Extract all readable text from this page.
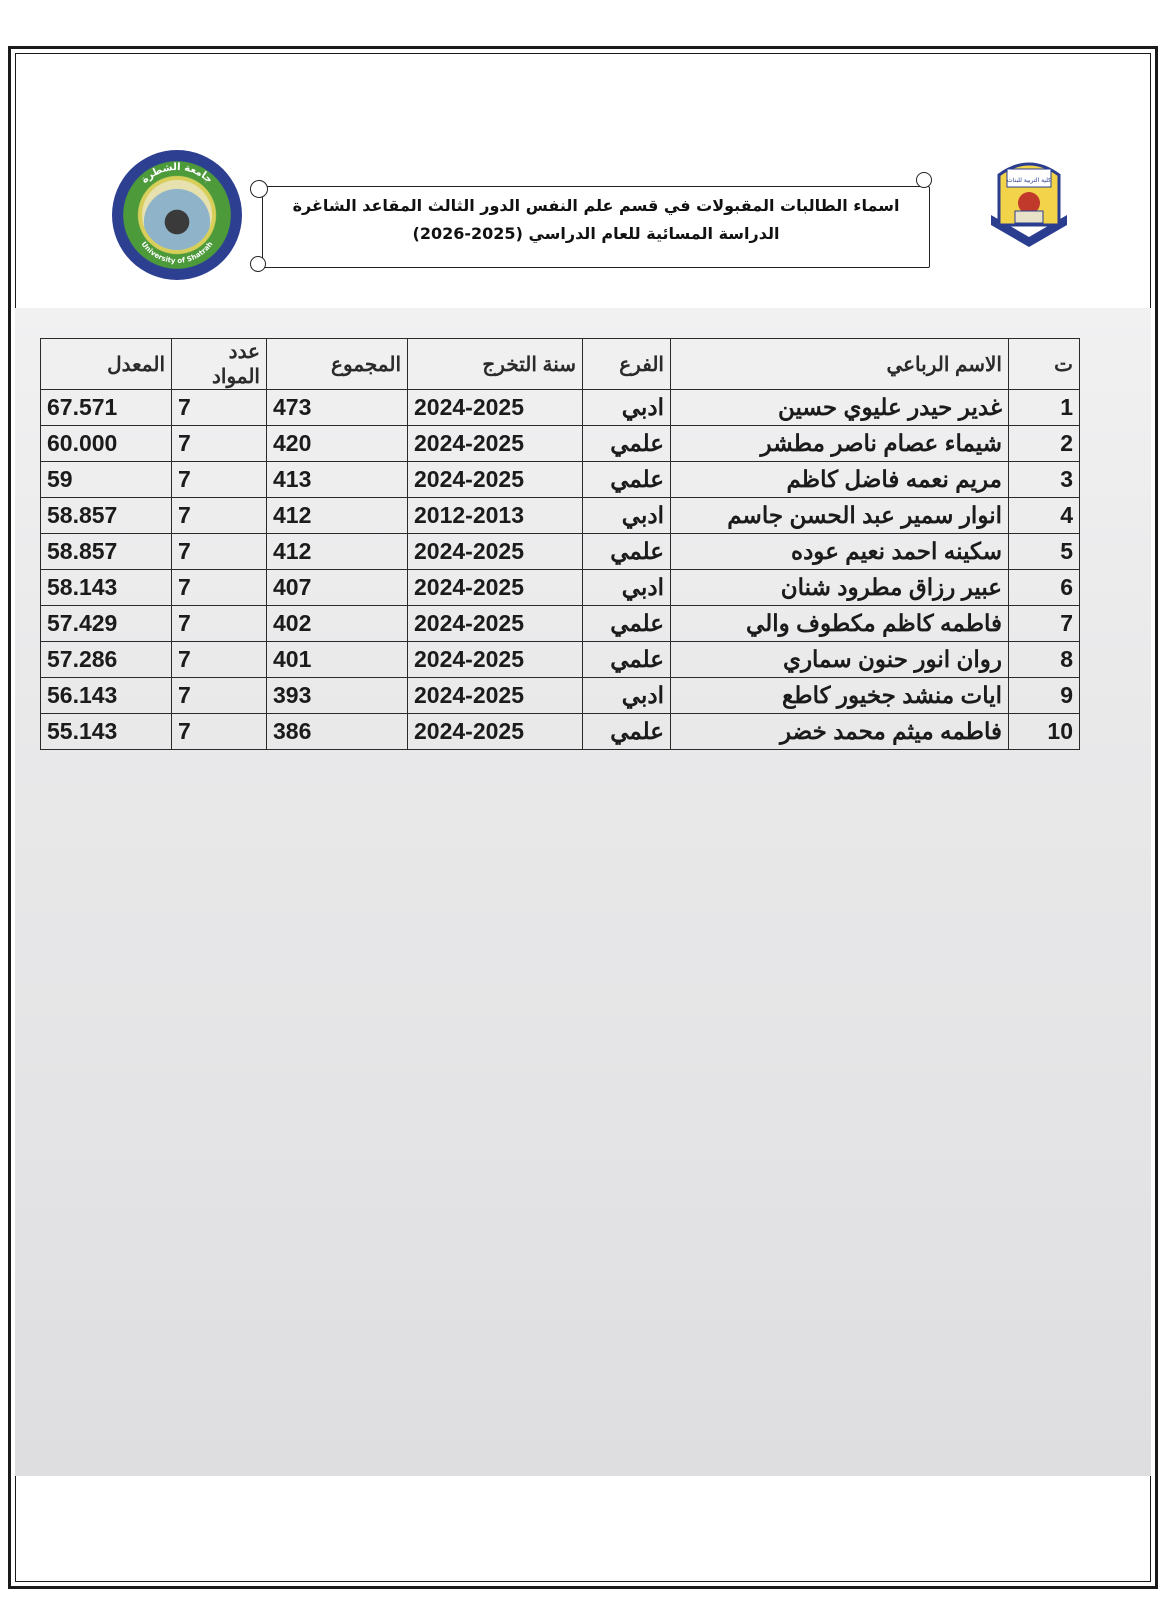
جامعة الشطرة
University of Shatrah
كلية التربية للبنات
اسماء الطالبات المقبولات في قسم علم النفس الدور الثالث المقاعد الشاغرة
الدراسة المسائية للعام الدراسي (2025-2026)
ت	الاسم الرباعي	الفرع	سنة التخرج	المجموع	عدد المواد	المعدل
1	غدير حيدر عليوي حسين	ادبي	2024-2025	473	7	67.571
2	شيماء عصام ناصر مطشر	علمي	2024-2025	420	7	60.000
3	مريم نعمه فاضل كاظم	علمي	2024-2025	413	7	59
4	انوار سمير عبد الحسن جاسم	ادبي	2012-2013	412	7	58.857
5	سكينه احمد نعيم عوده	علمي	2024-2025	412	7	58.857
6	عبير رزاق مطرود شنان	ادبي	2024-2025	407	7	58.143
7	فاطمه كاظم مكطوف والي	علمي	2024-2025	402	7	57.429
8	روان انور حنون سماري	علمي	2024-2025	401	7	57.286
9	ايات منشد جخيور كاطع	ادبي	2024-2025	393	7	56.143
10	فاطمه ميثم محمد خضر	علمي	2024-2025	386	7	55.143
